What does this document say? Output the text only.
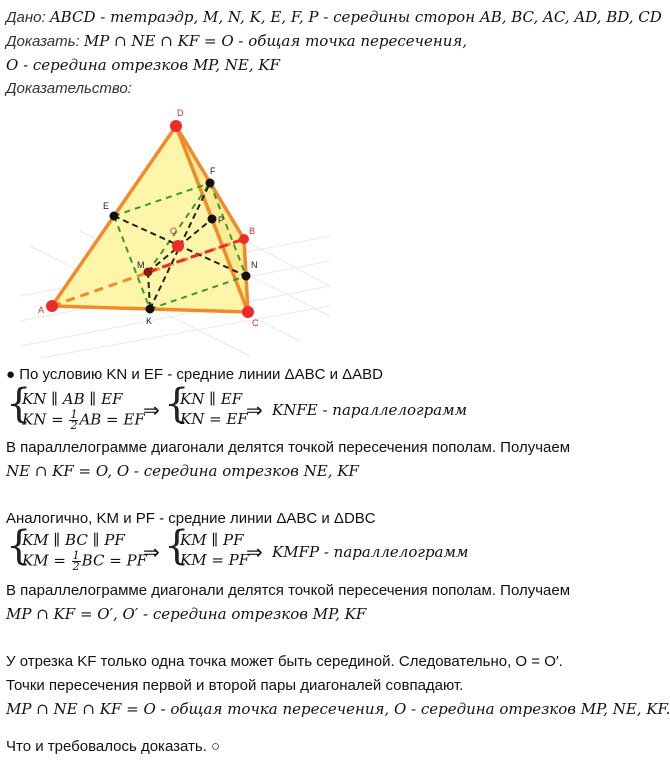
Дано: ABCD - тетраэдр, M, N, K, E, F, P - середины сторон AB, BC, AC, AD, BD, CD
Доказать: MP ∩ NE ∩ KF = O - общая точка пересечения,
O - середина отрезков MP, NE, KF
Доказательство:
A
D
B
C
E
F
P
N
K
M
O
● По условию KN и EF - средние линии ΔABC и ΔABD
{
KN ∥ AB ∥ EF
KN = $\frac{1}{2}$ AB = EF
⇒ {
KN ∥ EF
KN = EF
⇒ KNFE - параллелограмм
В параллелограмме диагонали делятся точкой пересечения пополам. Получаем
NE ∩ KF = O, O - середина отрезков NE, KF
Аналогично, KM и PF - средние линии ΔABC и ΔDBC
{
KM ∥ BC ∥ PF
KM = $\frac{1}{2}$ BC = PF
⇒ {
KM ∥ PF
KM = PF
⇒ KMFP - параллелограмм
В параллелограмме диагонали делятся точкой пересечения пополам. Получаем
MP ∩ KF = O′, O′ - середина отрезков MP, KF
У отрезка KF только одна точка может быть серединой. Следовательно, O = O′.
Точки пересечения первой и второй пары диагоналей совпадают.
MP ∩ NE ∩ KF = O - общая точка пересечения, O - середина отрезков MP, NE, KF.
Что и требовалось доказать. ○
